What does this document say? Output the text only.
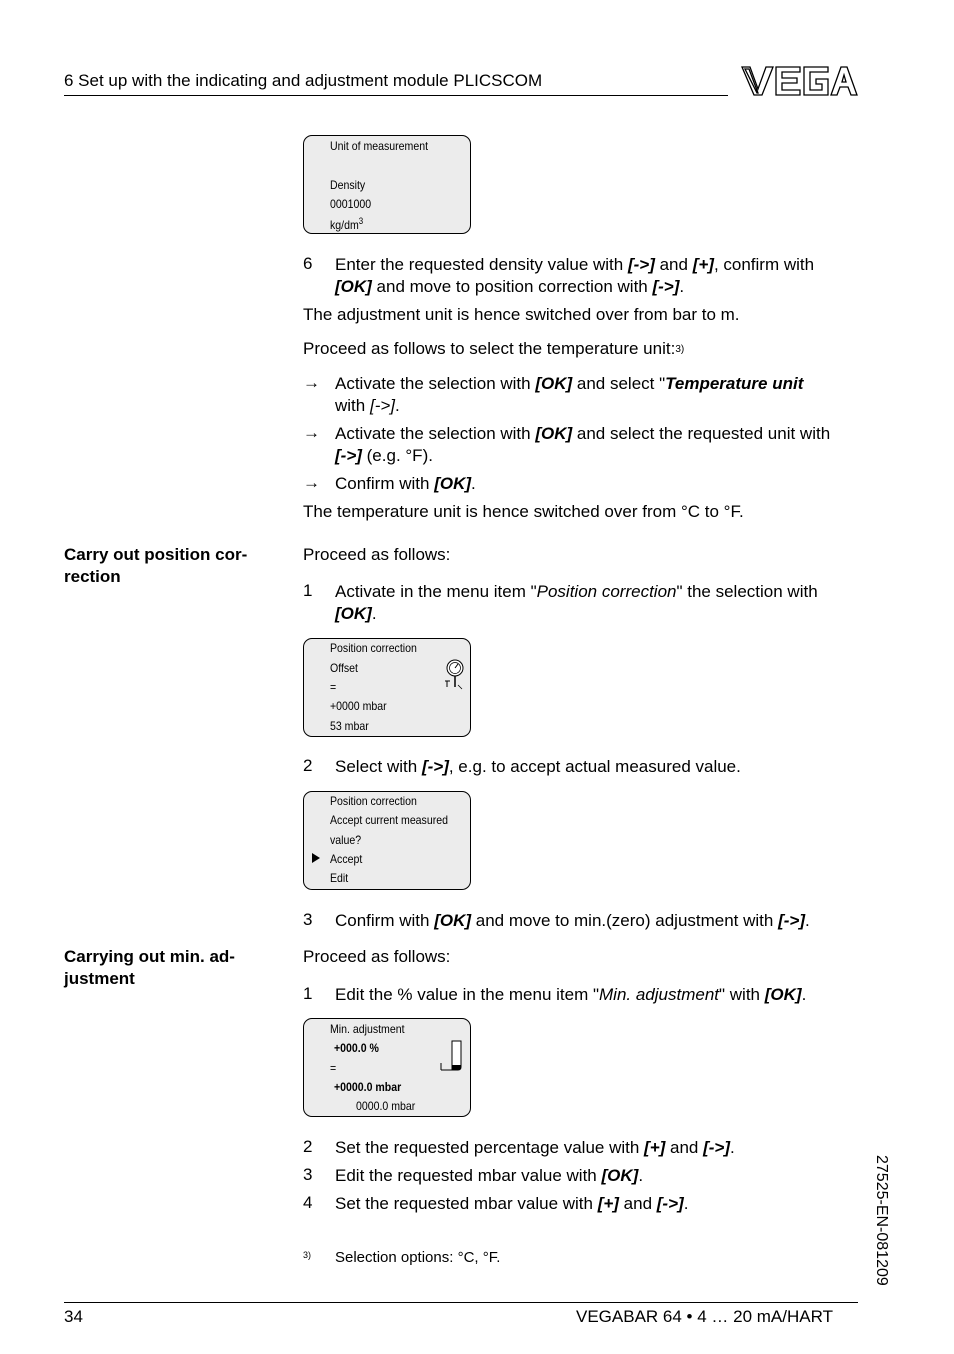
6 Set up with the indicating and adjustment module PLICSCOM
Unit of measurement
Density
0001000
$kg/dm^3$
6	Enter the requested density value with [->] and [+], confirm with
[OK] and move to position correction with [->].
The adjustment unit is hence switched over from bar to m.
Proceed as follows to select the temperature unit:3)
→ Activate the selection with [OK] and select "Temperature unit
with [->].
→ Activate the selection with [OK] and select the requested unit with
[->] (e.g. °F).
→ Confirm with [OK].
The temperature unit is hence switched over from °C to °F.
Carry out position cor-
rection
Proceed as follows:
1	Activate in the menu item "Position correction" the selection with
[OK].
Position correction
Offset
=
+0000 mbar
53 mbar
2	Select with [->], e.g. to accept actual measured value.
Position correction
Accept current measured
value?
Accept
Edit
3	Confirm with [OK] and move to min.(zero) adjustment with [->].
Carrying out min. ad-
justment
Proceed as follows:
1	Edit the % value in the menu item "Min. adjustment" with [OK].
Min. adjustment
+000.0 %
=
+0000.0 mbar
0000.0 mbar
2	Set the requested percentage value with [+] and [->].
3	Edit the requested mbar value with [OK].
4	Set the requested mbar value with [+] and [->].
3) Selection options: °C, °F.	27525-EN-081209
34	VEGABAR 64 • 4 … 20 mA/HART
